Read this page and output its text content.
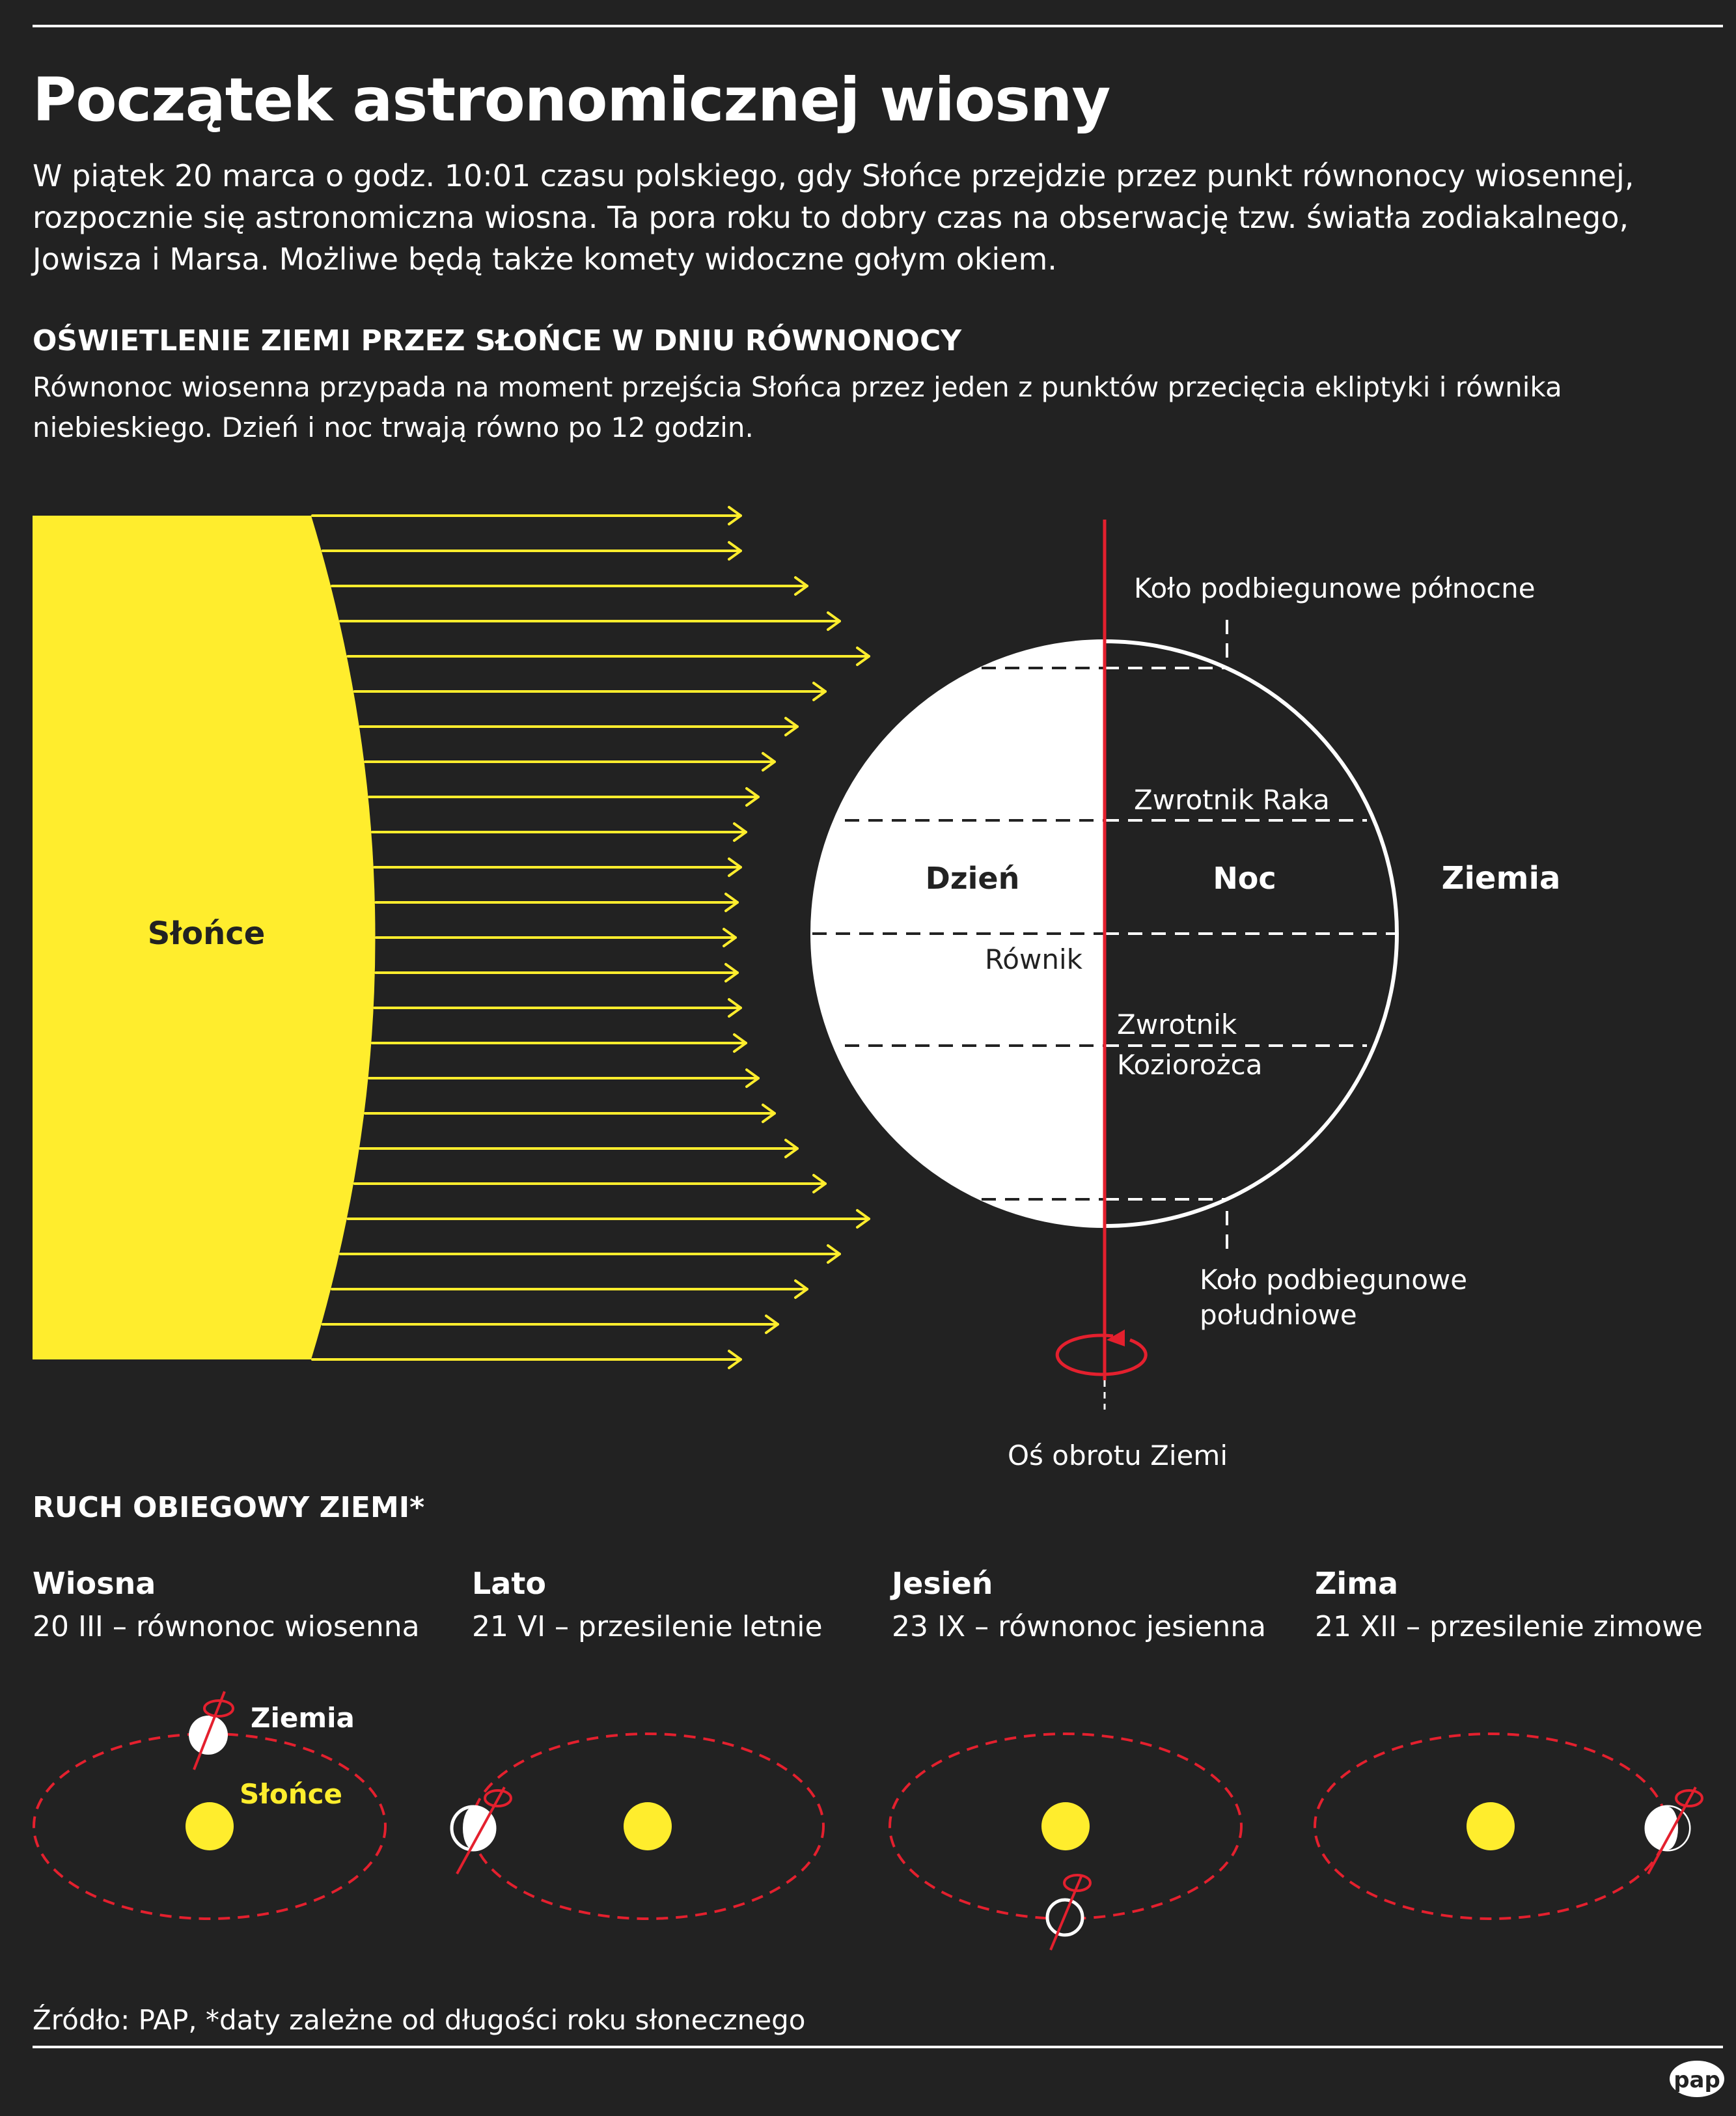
Początek astronomicznej wiosny
W piątek 20 marca o godz. 10:01 czasu polskiego, gdy Słońce przejdzie przez punkt równonocy wiosennej, rozpocznie się astronomiczna wiosna. Ta pora roku to dobry czas na obserwację tzw. światła zodiakalnego, Jowisza i Marsa. Możliwe będą także komety widoczne gołym okiem.
OŚWIETLENIE ZIEMI PRZEZ SŁOŃCE W DNIU RÓWNONOCY
Równonoc wiosenna przypada na moment przejścia Słońca przez jeden z punktów przecięcia ekliptyki i równika niebieskiego. Dzień i noc trwają równo po 12 godzin.
Słońce
Dzień	Noc	Ziemia
Koło podbiegunowe północne
Zwrotnik Raka
Równik
Zwrotnik
Koziorożca
Koło podbiegunowe
południowe
Oś obrotu Ziemi
RUCH OBIEGOWY ZIEMI*
Ziemia
Słońce
pap
Wiosna
20 III – równonoc wiosenna
Lato
21 VI – przesilenie letnie
Jesień
23 IX – równonoc jesienna
Zima
21 XII – przesilenie zimowe
Źródło: PAP, *daty zależne od długości roku słonecznego
